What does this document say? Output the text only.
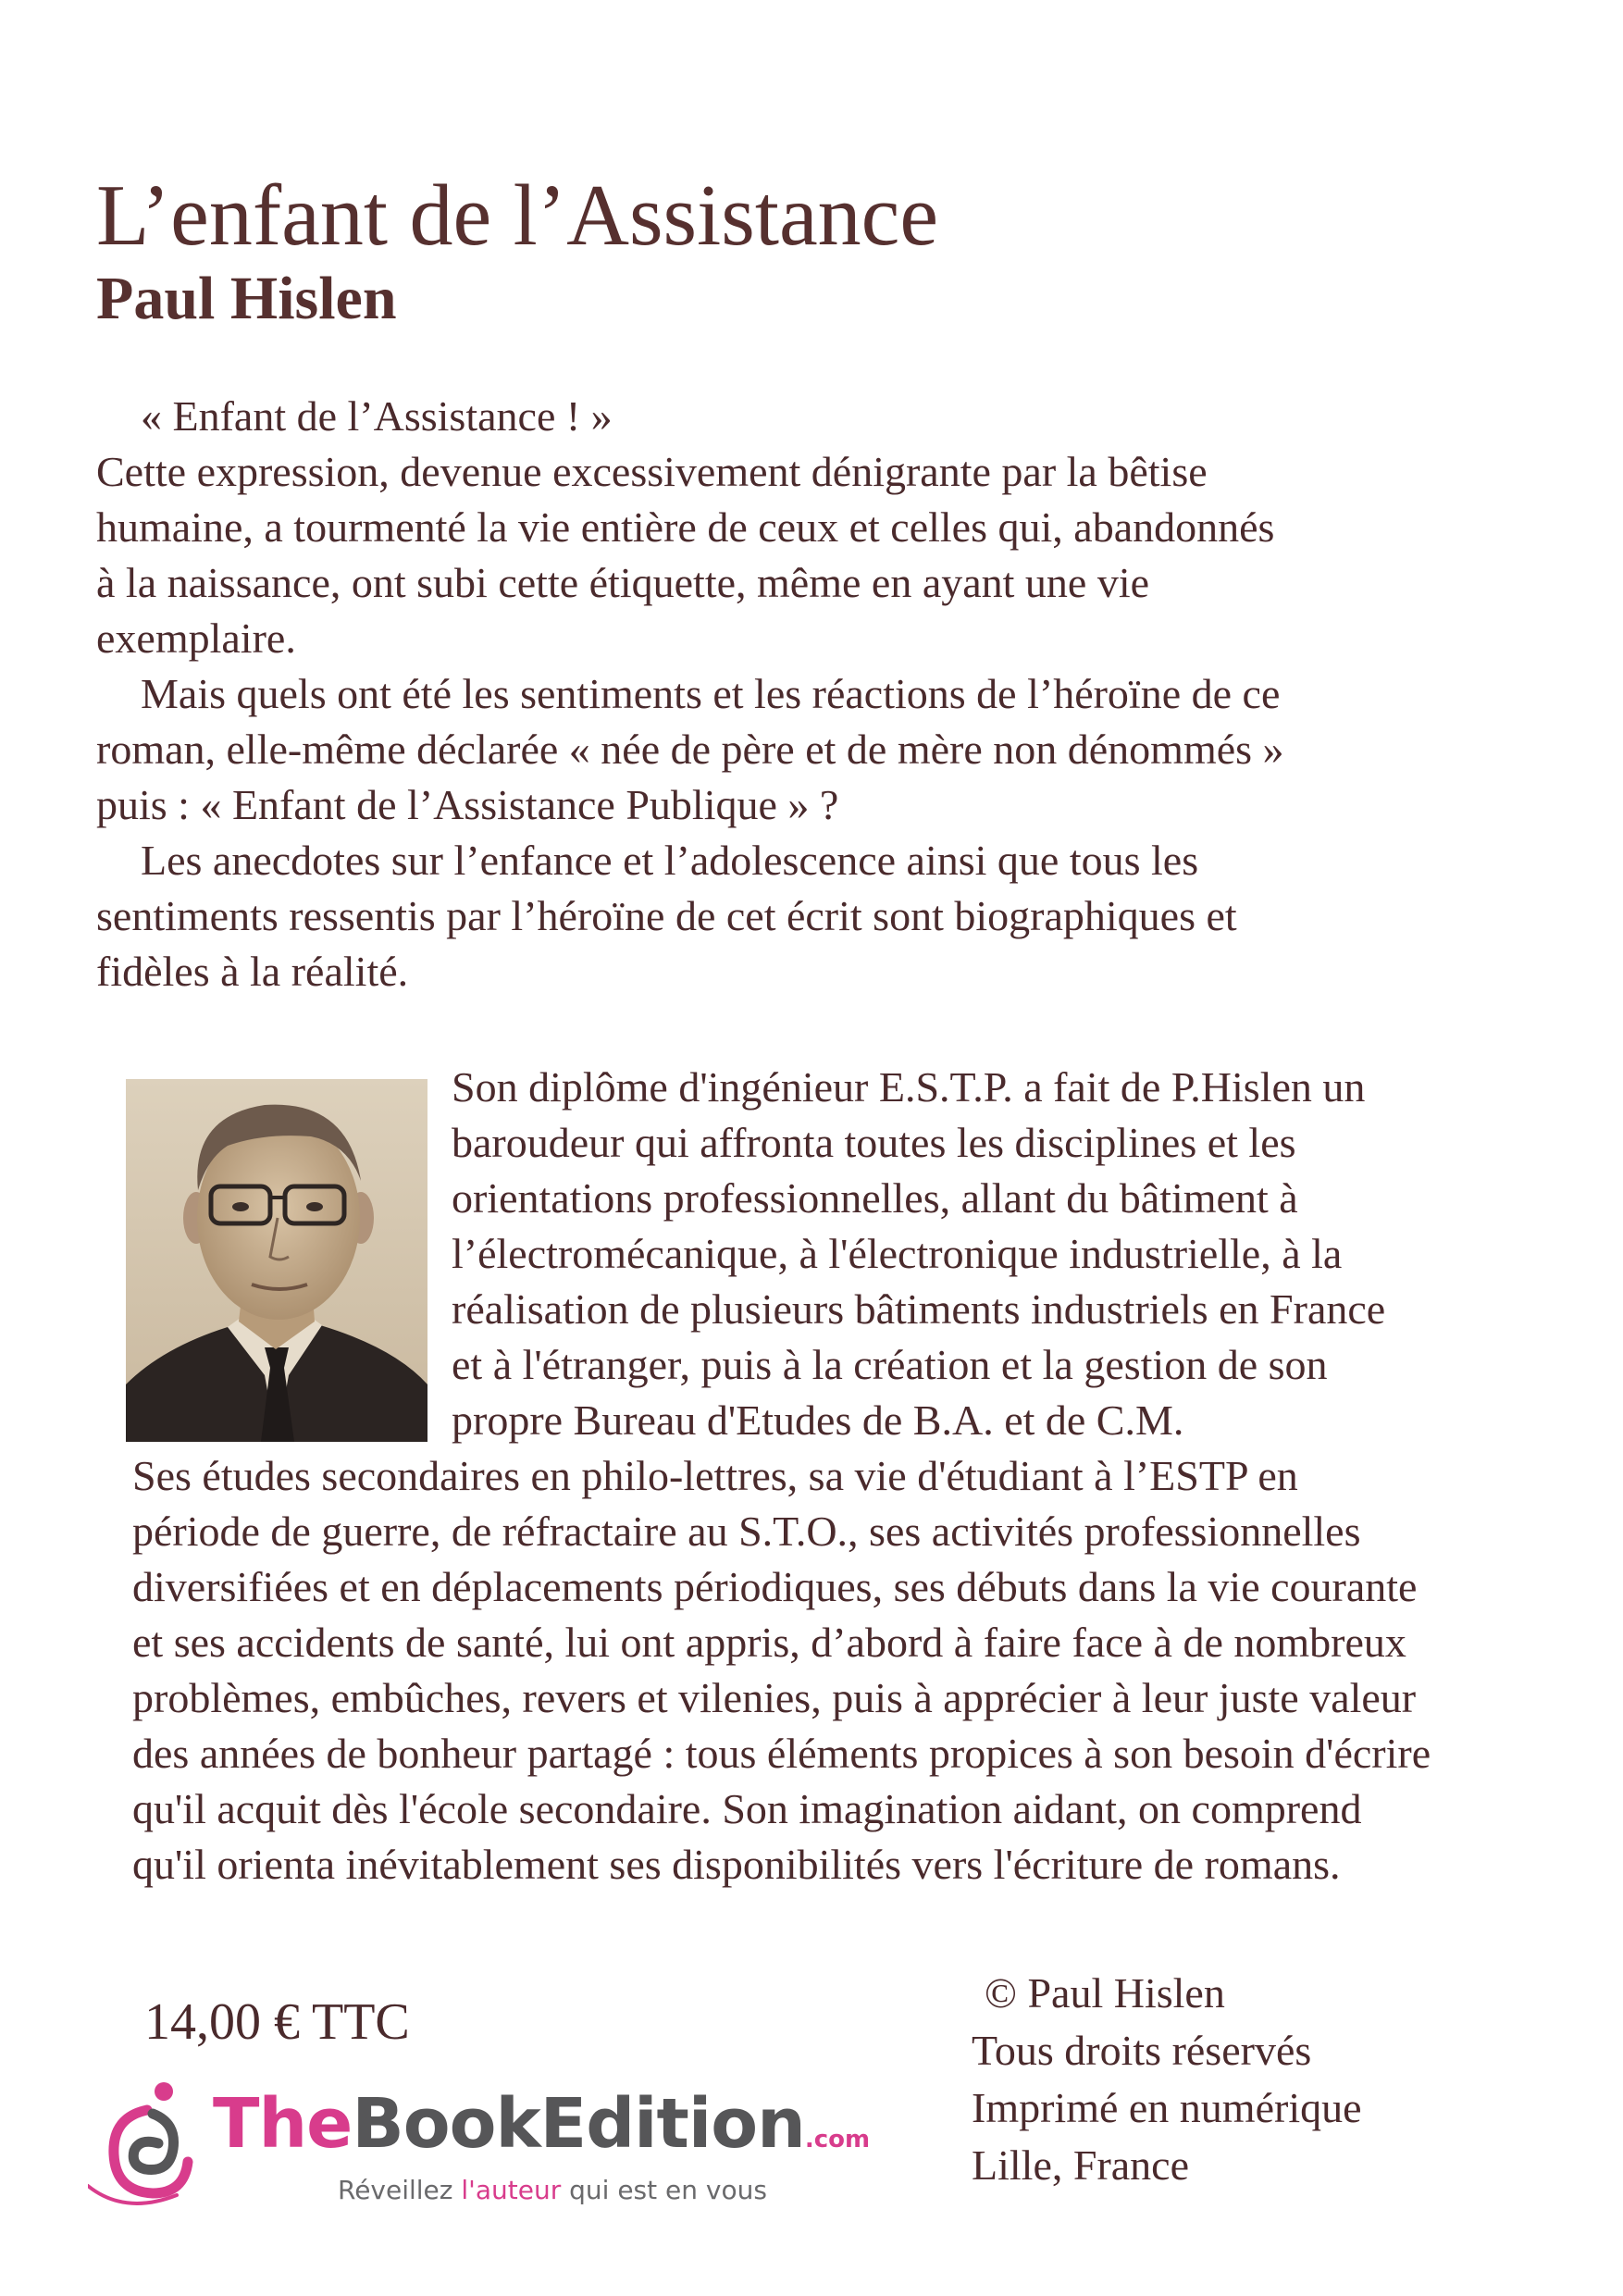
L’enfant de l’Assistance
Paul Hislen
« Enfant de l’Assistance ! »
Cette expression, devenue excessivement dénigrante par la bêtise
humaine, a tourmenté la vie entière de ceux et celles qui, abandonnés
à la naissance, ont subi cette étiquette, même en ayant une vie
exemplaire.
Mais quels ont été les sentiments et les réactions de l’héroïne de ce
roman, elle-même déclarée « née de père et de mère non dénommés »
puis : « Enfant de l’Assistance Publique » ?
Les anecdotes sur l’enfance et l’adolescence ainsi que tous les
sentiments ressentis par l’héroïne de cet écrit sont biographiques et
fidèles à la réalité.
Son diplôme d'ingénieur E.S.T.P. a fait de P.Hislen un
baroudeur qui affronta toutes les disciplines et les
orientations professionnelles, allant du bâtiment à
l’électromécanique, à l'électronique industrielle, à la
réalisation de plusieurs bâtiments industriels en France
et à l'étranger, puis à la création et la gestion de son
propre Bureau d'Etudes de B.A. et de C.M.
Ses études secondaires en philo-lettres, sa vie d'étudiant à l’ESTP en
période de guerre, de réfractaire au S.T.O., ses activités professionnelles
diversifiées et en déplacements périodiques, ses débuts dans la vie courante
et ses accidents de santé, lui ont appris, d’abord à faire face à de nombreux
problèmes, embûches, revers et vilenies, puis à apprécier à leur juste valeur
des années de bonheur partagé : tous éléments propices à son besoin d'écrire
qu'il acquit dès l'école secondaire. Son imagination aidant, on comprend
qu'il orienta inévitablement ses disponibilités vers l'écriture de romans.
14,00 € TTC
© Paul Hislen
Tous droits réservés
Imprimé en numérique
Lille, France
TheBookEdition.com
Réveillez l'auteur qui est en vous
